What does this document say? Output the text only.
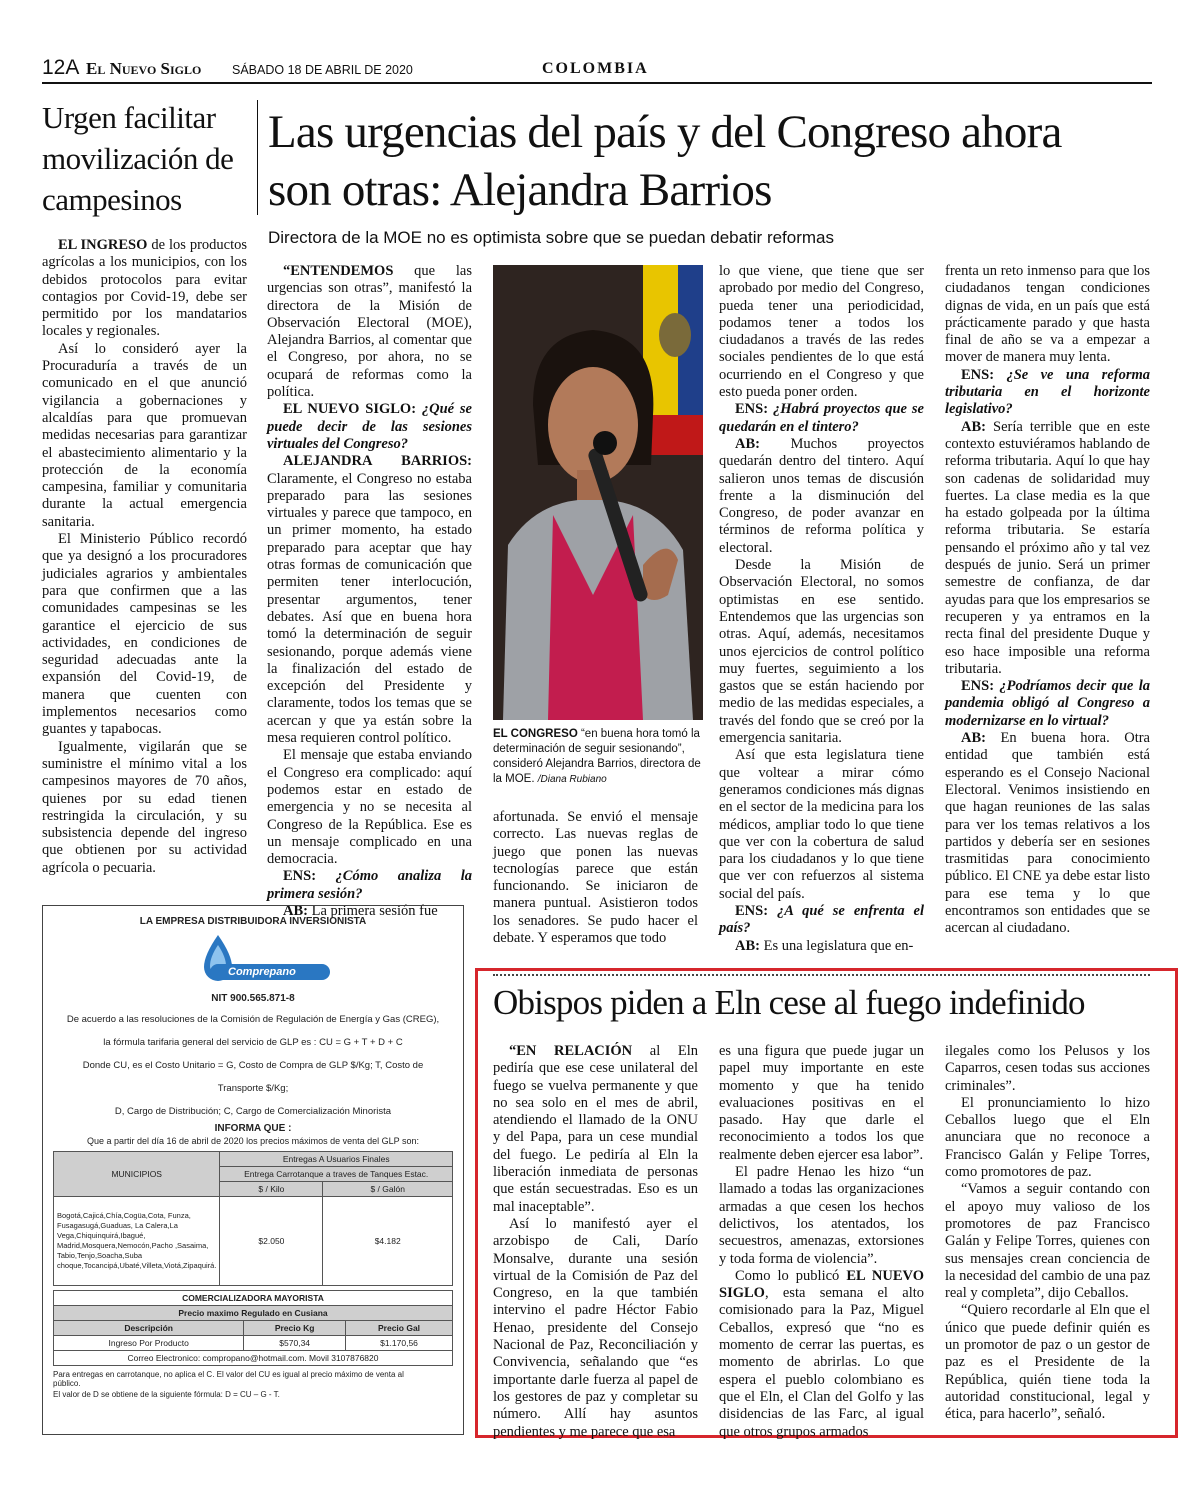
12A El Nuevo Siglo SÁBADO 18 DE ABRIL DE 2020	COLOMBIA
Urgen facilitar movilización de campesinos

EL INGRESO de los productos agrícolas a los municipios, con los debidos protocolos para evitar contagios por Covid-19, debe ser permitido por los mandatarios locales y regionales.

Así lo consideró ayer la Procuraduría a través de un comunicado en el que anunció vigilancia a gobernaciones y alcaldías para que promuevan medidas necesarias para garantizar el abastecimiento alimentario y la protección de la economía campesina, familiar y comunitaria durante la actual emergencia sanitaria.

El Ministerio Público recordó que ya designó a los procuradores judiciales agrarios y ambientales para que confirmen que a las comunidades campesinas se les garantice el ejercicio de sus actividades, en condiciones de seguridad adecuadas ante la expansión del Covid-19, de manera que cuenten con implementos necesarios como guantes y tapabocas.

Igualmente, vigilarán que se suministre el mínimo vital a los campesinos mayores de 70 años, quienes por su edad tienen restringida la circulación, y su subsistencia depende del ingreso que obtienen por su actividad agrícola o pecuaria.

Las urgencias del país y del Congreso ahora son otras: Alejandra Barrios
Directora de la MOE no es optimista sobre que se puedan debatir reformas

“ENTENDEMOS que las urgencias son otras”, manifestó la directora de la Misión de Observación Electoral (MOE), Alejandra Barrios, al comentar que el Congreso, por ahora, no se ocupará de reformas como la política.

EL NUEVO SIGLO: ¿Qué se puede decir de las sesiones virtuales del Congreso?

ALEJANDRA BARRIOS: Claramente, el Congreso no estaba preparado para las sesiones virtuales y parece que tampoco, en un primer momento, ha estado preparado para aceptar que hay otras formas de comunicación que permiten tener interlocución, presentar argumentos, tener debates. Así que en buena hora tomó la determinación de seguir sesionando, porque además viene la finalización del estado de excepción del Presidente y claramente, todos los temas que se acercan y que ya están sobre la mesa requieren control político.

El mensaje que estaba enviando el Congreso era complicado: aquí podemos estar en estado de emergencia y no se necesita al Congreso de la República. Ese es un mensaje complicado en una democracia.

ENS: ¿Cómo analiza la primera sesión?

AB: La primera sesión fue

EL CONGRESO “en buena hora tomó la determinación de seguir sesionando”, consideró Alejandra Barrios, directora de la MOE. /Diana Rubiano

afortunada. Se envió el mensaje correcto. Las nuevas reglas de juego que ponen las nuevas tecnologías parece que están funcionando. Se iniciaron de manera puntual. Asistieron todos los senadores. Se pudo hacer el debate. Y esperamos que todo

lo que viene, que tiene que ser aprobado por medio del Congreso, pueda tener una periodicidad, podamos tener a todos los ciudadanos a través de las redes sociales pendientes de lo que está ocurriendo en el Congreso y que esto pueda poner orden.

ENS: ¿Habrá proyectos que se quedarán en el tintero?

AB: Muchos proyectos quedarán dentro del tintero. Aquí salieron unos temas de discusión frente a la disminución del Congreso, de poder avanzar en términos de reforma política y electoral.

Desde la Misión de Observación Electoral, no somos optimistas en ese sentido. Entendemos que las urgencias son otras. Aquí, además, necesitamos unos ejercicios de control político muy fuertes, seguimiento a los gastos que se están haciendo por medio de las medidas especiales, a través del fondo que se creó por la emergencia sanitaria.

Así que esta legislatura tiene que voltear a mirar cómo generamos condiciones más dignas en el sector de la medicina para los médicos, ampliar todo lo que tiene que ver con la cobertura de salud para los ciudadanos y lo que tiene que ver con refuerzos al sistema social del país.

ENS: ¿A qué se enfrenta el país?

AB: Es una legislatura que en-

frenta un reto inmenso para que los ciudadanos tengan condiciones dignas de vida, en un país que está prácticamente parado y que hasta final de año se va a empezar a mover de manera muy lenta.

ENS: ¿Se ve una reforma tributaria en el horizonte legislativo?

AB: Sería terrible que en este contexto estuviéramos hablando de reforma tributaria. Aquí lo que hay son cadenas de solidaridad muy fuertes. La clase media es la que ha estado golpeada por la última reforma tributaria. Se estaría pensando el próximo año y tal vez después de junio. Será un primer semestre de confianza, de dar ayudas para que los empresarios se recuperen y ya entramos en la recta final del presidente Duque y eso hace imposible una reforma tributaria.

ENS: ¿Podríamos decir que la pandemia obligó al Congreso a modernizarse en lo virtual?

AB: En buena hora. Otra entidad que también está esperando es el Consejo Nacional Electoral. Venimos insistiendo en que hagan reuniones de las salas para ver los temas relativos a los partidos y debería ser en sesiones trasmitidas para conocimiento público. El CNE ya debe estar listo para ese tema y lo que encontramos son entidades que se acercan al ciudadano.

LA EMPRESA DISTRIBUIDORA INVERSIONISTA
Comprepano
NIT 900.565.871-8
De acuerdo a las resoluciones de la Comisión de Regulación de Energía y Gas (CREG),
la fórmula tarifaria general del servicio de GLP es : CU = G + T + D + C
Donde CU, es el Costo Unitario = G, Costo de Compra de GLP $/Kg; T, Costo de
Transporte $/Kg;
D, Cargo de Distribución; C, Cargo de Comercialización Minorista
INFORMA QUE :
Que a partir del día 16 de abril de 2020 los precios máximos de venta del GLP son:
MUNICIPIOS	Entregas A Usuarios Finales	
	Entrega Carrotanque a traves de Tanques Estac.	
	$ / Kilo	$ / Galón
Bogotá,Cajicá,Chía,Cogüa,Cota, Funza, Fusagasugá,Guaduas, La Calera,La Vega,Chiquinquirá,Ibagué, Madrid,Mosquera,Nemocón,Pacho ,Sasaima, Tabio,Tenjo,Soacha,Suba choque,Tocancipá,Ubaté,Villeta,Viotá,Zipaquirá.	$2.050	$4.182
COMERCIALIZADORA MAYORISTA		
Precio maximo Regulado en Cusiana		
Descripción	Precio Kg	Precio Gal
Ingreso Por Producto	$570,34	$1.170,56
Correo Electronico: compropano@hotmail.com. Movil 3107876820		
Para entregas en carrotanque, no aplica el C. El valor del CU es igual al precio máximo de venta al público.
El valor de D se obtiene de la siguiente fórmula: D = CU – G - T.
Obispos piden a Eln cese al fuego indefinido

“EN RELACIÓN al Eln pediría que ese cese unilateral del fuego se vuelva permanente y que no sea solo en el mes de abril, atendiendo el llamado de la ONU y del Papa, para un cese mundial del fuego. Le pediría al Eln la liberación inmediata de personas que están secuestradas. Eso es un mal inaceptable”.

Así lo manifestó ayer el arzobispo de Cali, Darío Monsalve, durante una sesión virtual de la Comisión de Paz del Congreso, en la que también intervino el padre Héctor Fabio Henao, presidente del Consejo Nacional de Paz, Reconciliación y Convivencia, señalando que “es importante darle fuerza al papel de los gestores de paz y completar su número. Allí hay asuntos pendientes y me parece que esa

es una figura que puede jugar un papel muy importante en este momento y que ha tenido evaluaciones positivas en el pasado. Hay que darle el reconocimiento a todos los que realmente deben ejercer esa labor”.

El padre Henao les hizo “un llamado a todas las organizaciones armadas a que cesen los hechos delictivos, los atentados, los secuestros, amenazas, extorsiones y toda forma de violencia”.

Como lo publicó EL NUEVO SIGLO, esta semana el alto comisionado para la Paz, Miguel Ceballos, expresó que “no es momento de cerrar las puertas, es momento de abrirlas. Lo que espera el pueblo colombiano es que el Eln, el Clan del Golfo y las disidencias de las Farc, al igual que otros grupos armados

ilegales como los Pelusos y los Caparros, cesen todas sus acciones criminales”.

El pronunciamiento lo hizo Ceballos luego que el Eln anunciara que no reconoce a Francisco Galán y Felipe Torres, como promotores de paz.

“Vamos a seguir contando con el apoyo muy valioso de los promotores de paz Francisco Galán y Felipe Torres, quienes con sus mensajes crean conciencia de la necesidad del cambio de una paz real y completa”, dijo Ceballos.

“Quiero recordarle al Eln que el único que puede definir quién es un promotor de paz o un gestor de paz es el Presidente de la República, quién tiene toda la autoridad constitucional, legal y ética, para hacerlo”, señaló.
